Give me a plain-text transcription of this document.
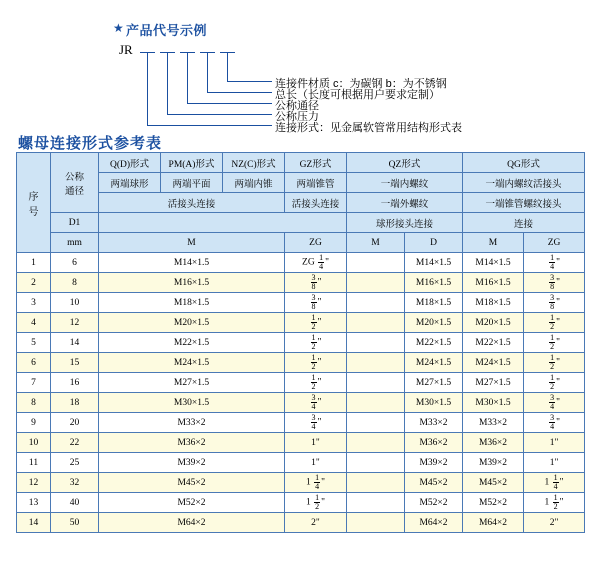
★ 产品代号示例
JR
连接件材质 c：为碳钢 b：为不锈钢
总长（长度可根据用户要求定制）
公称通径
公称压力
连接形式：见金属软管常用结构形式表
螺母连接形式参考表
序
号	公称
通径	Q(D)形式	PM(A)形式	NZ(C)形式	GZ形式	QZ形式		QG形式	
		两端球形	两端平面	两端内锥	两端锥管	一端内螺纹		一端内螺纹活接头	
		活接头连接			活接头连接	一端外螺纹		一端锥管螺纹接头	
	D1					球形接头连接		连接	
	mm	M			ZG	M	D	M	ZG
1	6	M14×1.5			ZG $\frac{1}{4}$ "		M14×1.5	M14×1.5	$\frac{1}{4}$ "
2	8	M16×1.5			$\frac{3}{8}$ "		M16×1.5	M16×1.5	$\frac{3}{8}$ "
3	10	M18×1.5			$\frac{3}{8}$ "		M18×1.5	M18×1.5	$\frac{3}{8}$ "
4	12	M20×1.5			$\frac{1}{2}$ "		M20×1.5	M20×1.5	$\frac{1}{2}$ "
5	14	M22×1.5			$\frac{1}{2}$ "		M22×1.5	M22×1.5	$\frac{1}{2}$ "
6	15	M24×1.5			$\frac{1}{2}$ "		M24×1.5	M24×1.5	$\frac{1}{2}$ "
7	16	M27×1.5			$\frac{1}{2}$ "		M27×1.5	M27×1.5	$\frac{1}{2}$ "
8	18	M30×1.5			$\frac{3}{4}$ "		M30×1.5	M30×1.5	$\frac{3}{4}$ "
9	20	M33×2			$\frac{3}{4}$ "		M33×2	M33×2	$\frac{3}{4}$ "
10	22	M36×2			1"		M36×2	M36×2	1"
11	25	M39×2			1"		M39×2	M39×2	1"
12	32	M45×2			$1 \frac{1}{4}$ "		M45×2	M45×2	$1 \frac{1}{4}$ "
13	40	M52×2			$1 \frac{1}{2}$ "		M52×2	M52×2	$1 \frac{1}{2}$ "
14	50	M64×2			2"		M64×2	M64×2	2"
